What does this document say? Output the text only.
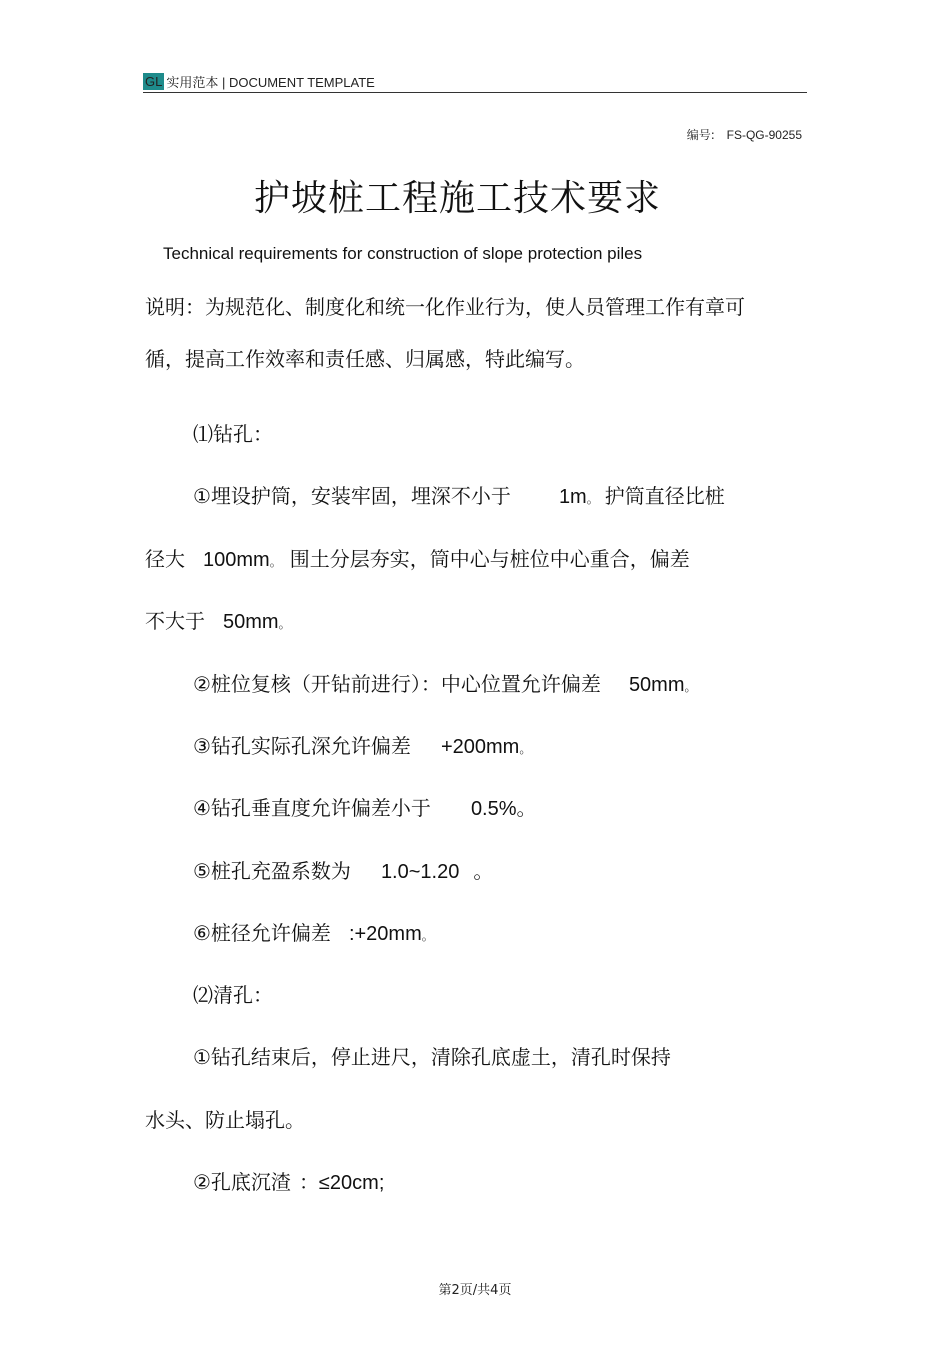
GL 实用范本 | DOCUMENT TEMPLATE
编号: FS-QG-90255
护坡桩工程施工技术要求
Technical requirements for construction of slope protection piles
说明：为规范化、制度化和统一化作业行为，使人员管理工作有章可
循，提高工作效率和责任感、归属感，特此编写。
⑴钻孔：
①埋设护筒，安装牢固，埋深不小于 1m。 护筒直径比桩
径大 100mm。 围土分层夯实，筒中心与桩位中心重合，偏差
不大于 50mm。
②桩位复核（开钻前进行）：中心位置允许偏差 50mm。
③钻孔实际孔深允许偏差 +200mm。
④钻孔垂直度允许偏差小于 0.5%。
⑤桩孔充盈系数为 1.0~1.20 。
⑥桩径允许偏差 :+20mm。
⑵清孔：
①钻孔结束后，停止进尺，清除孔底虚土，清孔时保持
水头、防止塌孔。
②孔底沉渣 ：≤20cm;
第2页/共4页
